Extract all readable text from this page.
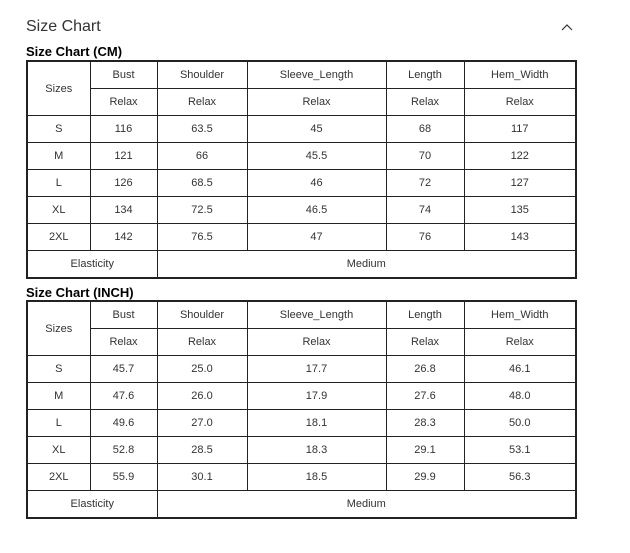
Size Chart
Size Chart (CM)
Sizes	Bust	Shoulder	Sleeve_Length	Length	Hem_Width
	Relax	Relax	Relax	Relax	Relax
S	116	63.5	45	68	117
M	121	66	45.5	70	122
L	126	68.5	46	72	127
XL	134	72.5	46.5	74	135
2XL	142	76.5	47	76	143
Elasticity		Medium			
Size Chart (INCH)
Sizes	Bust	Shoulder	Sleeve_Length	Length	Hem_Width
	Relax	Relax	Relax	Relax	Relax
S	45.7	25.0	17.7	26.8	46.1
M	47.6	26.0	17.9	27.6	48.0
L	49.6	27.0	18.1	28.3	50.0
XL	52.8	28.5	18.3	29.1	53.1
2XL	55.9	30.1	18.5	29.9	56.3
Elasticity		Medium			
